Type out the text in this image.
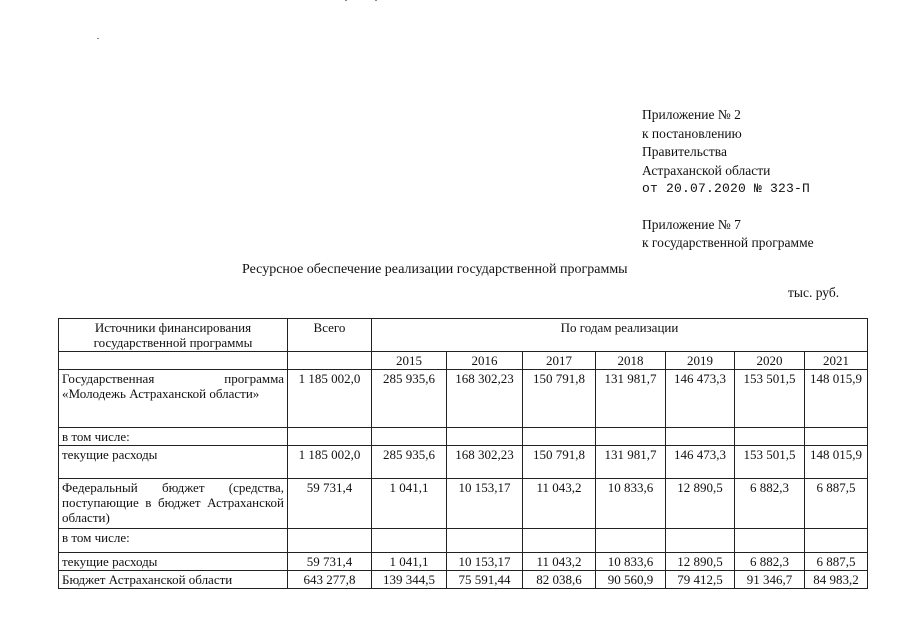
Приложение № 2
к постановлению
Правительства
Астраханской области
от 20.07.2020 № 323-П
Приложение № 7
к государственной программе
Ресурсное обеспечение реализации государственной программы
тыс. руб.
Источники финансирования государственной программы	Всего	По годам реализации						
		2015	2016	2017	2018	2019	2020	2021
Государственная программа «Молодежь Астраханской области»	1 185 002,0	285 935,6	168 302,23	150 791,8	131 981,7	146 473,3	153 501,5	148 015,9
в том числе:								
текущие расходы	1 185 002,0	285 935,6	168 302,23	150 791,8	131 981,7	146 473,3	153 501,5	148 015,9
Федеральный бюджет (средства, поступающие в бюджет Астраханской области)	59 731,4	1 041,1	10 153,17	11 043,2	10 833,6	12 890,5	6 882,3	6 887,5
в том числе:								
текущие расходы	59 731,4	1 041,1	10 153,17	11 043,2	10 833,6	12 890,5	6 882,3	6 887,5
Бюджет Астраханской области	643 277,8	139 344,5	75 591,44	82 038,6	90 560,9	79 412,5	91 346,7	84 983,2
